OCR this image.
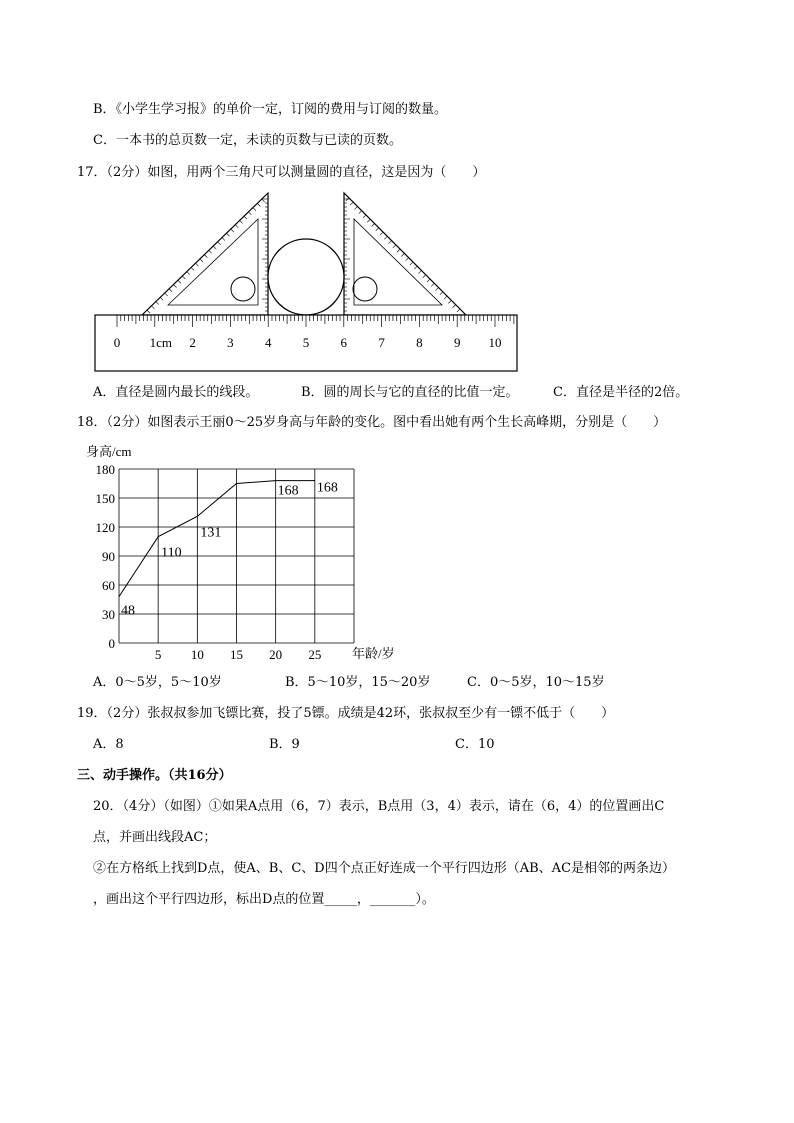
B．《小学生学习报》的单价一定，订阅的费用与订阅的数量。
C．一本书的总页数一定，未读的页数与已读的页数。
17．（2分）如图，用两个三角尺可以测量圆的直径，这是因为（　　）
0 1cm 2 3 4 5 6 7 8 9 10
A．直径是圆内最长的线段。	B．圆的周长与它的直径的比值一定。	C．直径是半径的2倍。
18．（2分）如图表示王丽0～25岁身高与年龄的变化。图中看出她有两个生长高峰期，分别是（　　）
0
30
60
90
120
150
180
5 10 15 20 25
48
110
131
168 168
身高/cm
年龄/岁
A．0～5岁，5～10岁	B．5～10岁，15～20岁	C．0～5岁，10～15岁
19．（2分）张叔叔参加飞镖比赛，投了5镖。成绩是42环，张叔叔至少有一镖不低于（　　）
A．8	B．9	C．10
三、动手操作。（共16分）
20．（4分）（如图）①如果A点用（6，7）表示，B点用（3，4）表示，请在（6，4）的位置画出C
点，并画出线段AC；
②在方格纸上找到D点，使A、B、C、D四个点正好连成一个平行四边形（AB、AC是相邻的两条边）
，画出这个平行四边形，标出D点的位置_____，_______）。
